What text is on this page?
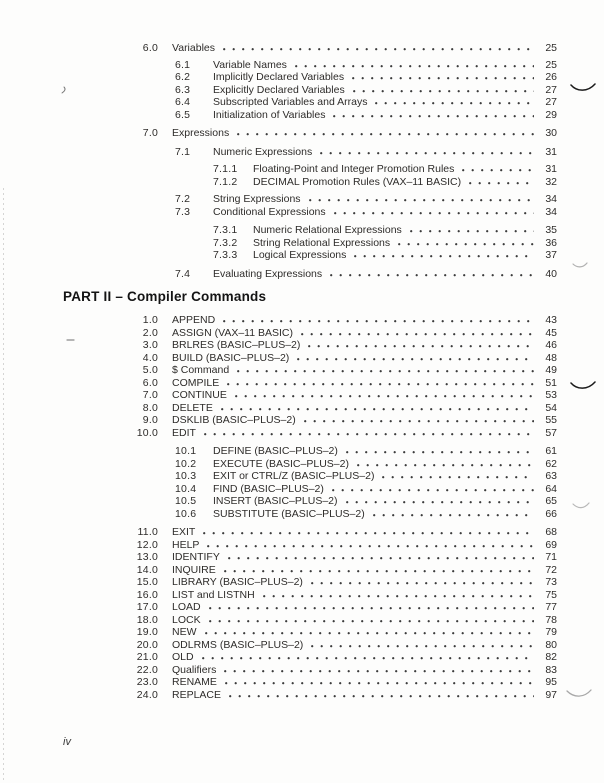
6.0 Variables	25
6.1	Variable Names	25
6.2	Implicitly Declared Variables	26
6.3	Explicitly Declared Variables	27
6.4	Subscripted Variables and Arrays	27
6.5	Initialization of Variables	29
7.0 Expressions	30
7.1	Numeric Expressions	31
7.1.1	Floating-Point and Integer Promotion Rules	31
7.1.2	DECIMAL Promotion Rules (VAX–11 BASIC)	32
7.2	String Expressions	34
7.3	Conditional Expressions	34
7.3.1	Numeric Relational Expressions	35
7.3.2	String Relational Expressions	36
7.3.3	Logical Expressions	37
7.4	Evaluating Expressions	40
PART II – Compiler Commands
1.0 APPEND	43
2.0 ASSIGN (VAX–11 BASIC)	45
3.0 BRLRES (BASIC–PLUS–2)	46
4.0 BUILD (BASIC–PLUS–2)	48
5.0 $ Command	49
6.0 COMPILE	51
7.0 CONTINUE	53
8.0 DELETE	54
9.0 DSKLIB (BASIC–PLUS–2)	55
10.0 EDIT	57
10.1	DEFINE (BASIC–PLUS–2)	61
10.2	EXECUTE (BASIC–PLUS–2)	62
10.3	EXIT or CTRL/Z (BASIC–PLUS–2)	63
10.4	FIND (BASIC–PLUS–2)	64
10.5	INSERT (BASIC–PLUS–2)	65
10.6	SUBSTITUTE (BASIC–PLUS–2)	66
11.0 EXIT	68
12.0 HELP	69
13.0 IDENTIFY	71
14.0 INQUIRE	72
15.0 LIBRARY (BASIC–PLUS–2)	73
16.0 LIST and LISTNH	75
17.0 LOAD	77
18.0 LOCK	78
19.0 NEW	79
20.0 ODLRMS (BASIC–PLUS–2)	80
21.0 OLD	82
22.0 Qualifiers	83
23.0 RENAME	95
24.0 REPLACE	97
iv
